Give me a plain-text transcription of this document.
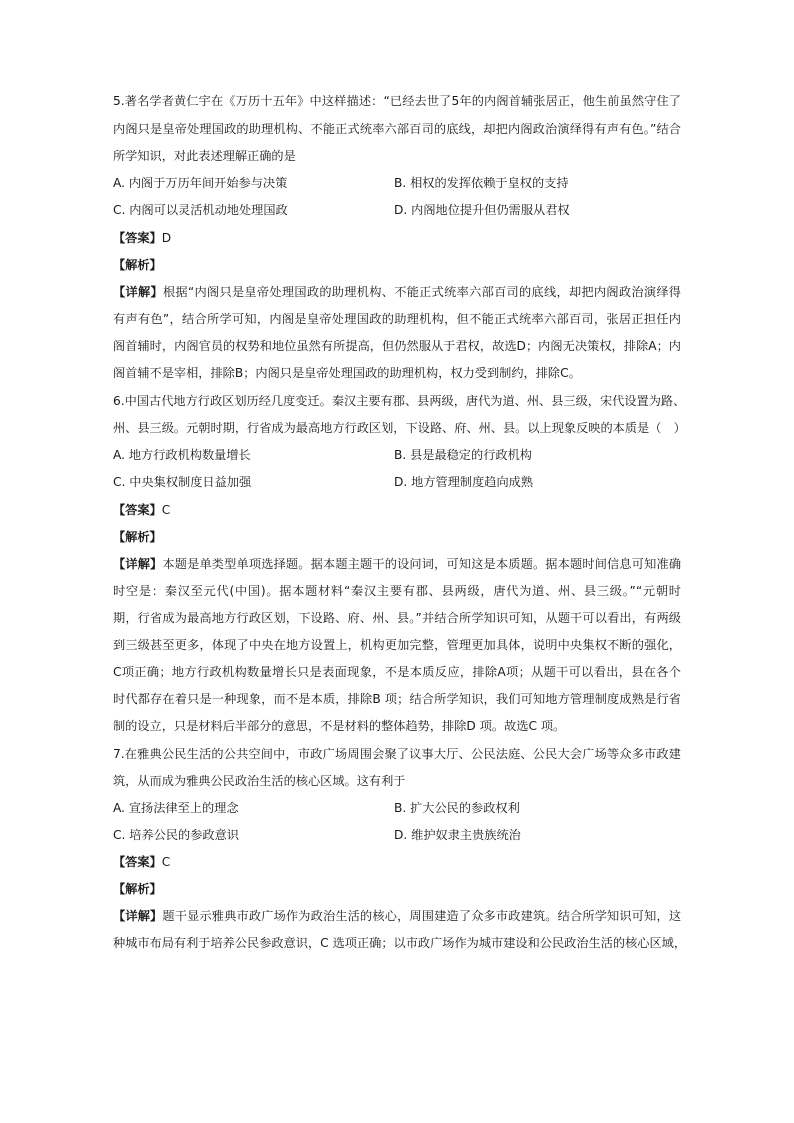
5.著名学者黄仁宇在《万历十五年》中这样描述：“已经去世了5年的内阁首辅张居正，他生前虽然守住了
内阁只是皇帝处理国政的助理机构、不能正式统率六部百司的底线，却把内阁政治演绎得有声有色。”结合
所学知识，对此表述理解正确的是
A. 内阁于万历年间开始参与决策	B. 相权的发挥依赖于皇权的支持
C. 内阁可以灵活机动地处理国政	D. 内阁地位提升但仍需服从君权
【答案】D
【解析】
【详解】根据“内阁只是皇帝处理国政的助理机构、不能正式统率六部百司的底线，却把内阁政治演绎得
有声有色”，结合所学可知，内阁是皇帝处理国政的助理机构，但不能正式统率六部百司，张居正担任内
阁首辅时，内阁官员的权势和地位虽然有所提高，但仍然服从于君权，故选D；内阁无决策权，排除A；内
阁首辅不是宰相，排除B；内阁只是皇帝处理国政的助理机构，权力受到制约，排除C。
6.中国古代地方行政区划历经几度变迁。秦汉主要有郡、县两级，唐代为道、州、县三级，宋代设置为路、
州、县三级。元朝时期，行省成为最高地方行政区划，下设路、府、州、县。以上现象反映的本质是（　）
A. 地方行政机构数量增长	B. 县是最稳定的行政机构
C. 中央集权制度日益加强	D. 地方管理制度趋向成熟
【答案】C
【解析】
【详解】本题是单类型单项选择题。据本题主题干的设问词，可知这是本质题。据本题时间信息可知准确
时空是：秦汉至元代(中国)。据本题材料“秦汉主要有郡、县两级，唐代为道、州、县三级。”“元朝时
期，行省成为最高地方行政区划，下设路、府、州、县。”并结合所学知识可知，从题干可以看出，有两级
到三级甚至更多，体现了中央在地方设置上，机构更加完整，管理更加具体，说明中央集权不断的强化，
C项正确；地方行政机构数量增长只是表面现象，不是本质反应，排除A项；从题干可以看出，县在各个
时代都存在着只是一种现象，而不是本质，排除B 项；结合所学知识，我们可知地方管理制度成熟是行省
制的设立，只是材料后半部分的意思，不是材料的整体趋势，排除D 项。故选C 项。
7.在雅典公民生活的公共空间中，市政广场周围会聚了议事大厅、公民法庭、公民大会广场等众多市政建
筑，从而成为雅典公民政治生活的核心区域。这有利于
A. 宣扬法律至上的理念	B. 扩大公民的参政权利
C. 培养公民的参政意识	D. 维护奴隶主贵族统治
【答案】C
【解析】
【详解】题干显示雅典市政广场作为政治生活的核心，周围建造了众多市政建筑。结合所学知识可知，这
种城市布局有利于培养公民参政意识，C 选项正确；以市政广场作为城市建设和公民政治生活的核心区域，
